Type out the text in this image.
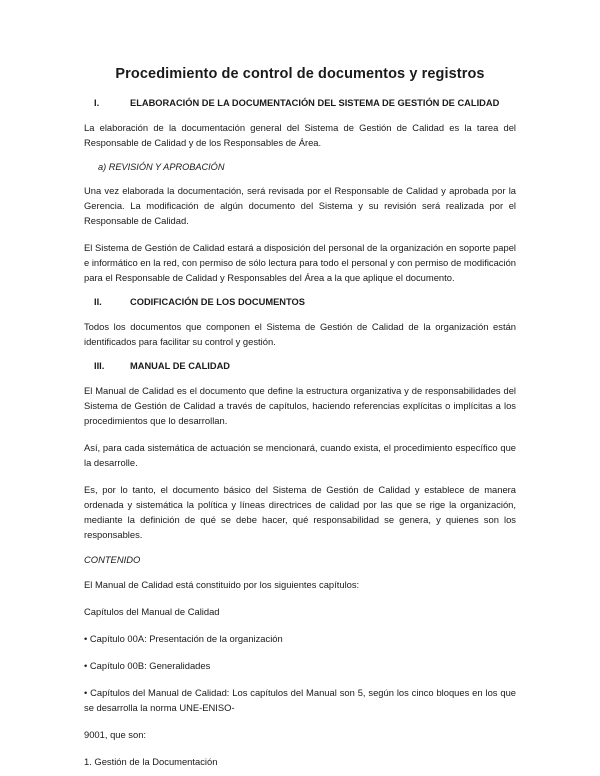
Procedimiento de control de documentos y registros
I.	ELABORACIÓN DE LA DOCUMENTACIÓN DEL SISTEMA DE GESTIÓN DE CALIDAD

La elaboración de la documentación general del Sistema de Gestión de Calidad es la tarea del Responsable de Calidad y de los Responsables de Área.

a) REVISIÓN Y APROBACIÓN

Una vez elaborada la documentación, será revisada por el Responsable de Calidad y aprobada por la Gerencia. La modificación de algún documento del Sistema y su revisión será realizada por el Responsable de Calidad.

El Sistema de Gestión de Calidad estará a disposición del personal de la organización en soporte papel e informático en la red, con permiso de sólo lectura para todo el personal y con permiso de modificación para el Responsable de Calidad y Responsables del Área a la que aplique el documento.

II.	CODIFICACIÓN DE LOS DOCUMENTOS

Todos los documentos que componen el Sistema de Gestión de Calidad de la organización están identificados para facilitar su control y gestión.

III.	MANUAL DE CALIDAD

El Manual de Calidad es el documento que define la estructura organizativa y de responsabilidades del Sistema de Gestión de Calidad a través de capítulos, haciendo referencias explícitas o implícitas a los procedimientos que lo desarrollan.

Así, para cada sistemática de actuación se mencionará, cuando exista, el procedimiento específico que la desarrolle.

Es, por lo tanto, el documento básico del Sistema de Gestión de Calidad y establece de manera ordenada y sistemática la política y líneas directrices de calidad por las que se rige la organización, mediante la definición de qué se debe hacer, qué responsabilidad se genera, y quienes son los responsables.

CONTENIDO

El Manual de Calidad está constituido por los siguientes capítulos:

Capítulos del Manual de Calidad

• Capítulo 00A: Presentación de la organización

• Capítulo 00B: Generalidades

• Capítulos del Manual de Calidad: Los capítulos del Manual son 5, según los cinco bloques en los que se desarrolla la norma UNE-ENISO-

9001, que son:

1. Gestión de la Documentación
